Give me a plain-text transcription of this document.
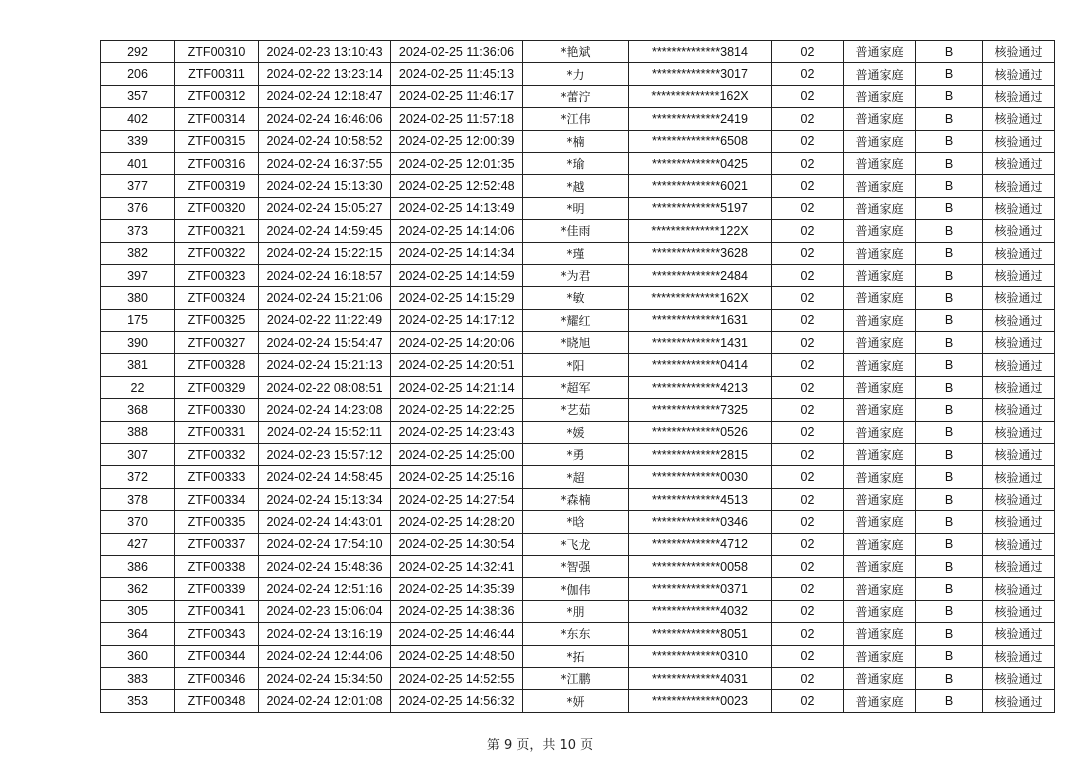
292	ZTF00310	2024-02-23 13:10:43	2024-02-25 11:36:06	*艳斌	**************3814	02	普通家庭	B	核验通过
206	ZTF00311	2024-02-22 13:23:14	2024-02-25 11:45:13	*力	**************3017	02	普通家庭	B	核验通过
357	ZTF00312	2024-02-24 12:18:47	2024-02-25 11:46:17	*蕾泞	**************162X	02	普通家庭	B	核验通过
402	ZTF00314	2024-02-24 16:46:06	2024-02-25 11:57:18	*江伟	**************2419	02	普通家庭	B	核验通过
339	ZTF00315	2024-02-24 10:58:52	2024-02-25 12:00:39	*楠	**************6508	02	普通家庭	B	核验通过
401	ZTF00316	2024-02-24 16:37:55	2024-02-25 12:01:35	*瑜	**************0425	02	普通家庭	B	核验通过
377	ZTF00319	2024-02-24 15:13:30	2024-02-25 12:52:48	*越	**************6021	02	普通家庭	B	核验通过
376	ZTF00320	2024-02-24 15:05:27	2024-02-25 14:13:49	*明	**************5197	02	普通家庭	B	核验通过
373	ZTF00321	2024-02-24 14:59:45	2024-02-25 14:14:06	*佳雨	**************122X	02	普通家庭	B	核验通过
382	ZTF00322	2024-02-24 15:22:15	2024-02-25 14:14:34	*瑾	**************3628	02	普通家庭	B	核验通过
397	ZTF00323	2024-02-24 16:18:57	2024-02-25 14:14:59	*为君	**************2484	02	普通家庭	B	核验通过
380	ZTF00324	2024-02-24 15:21:06	2024-02-25 14:15:29	*敏	**************162X	02	普通家庭	B	核验通过
175	ZTF00325	2024-02-22 11:22:49	2024-02-25 14:17:12	*耀红	**************1631	02	普通家庭	B	核验通过
390	ZTF00327	2024-02-24 15:54:47	2024-02-25 14:20:06	*晓旭	**************1431	02	普通家庭	B	核验通过
381	ZTF00328	2024-02-24 15:21:13	2024-02-25 14:20:51	*阳	**************0414	02	普通家庭	B	核验通过
22	ZTF00329	2024-02-22 08:08:51	2024-02-25 14:21:14	*超军	**************4213	02	普通家庭	B	核验通过
368	ZTF00330	2024-02-24 14:23:08	2024-02-25 14:22:25	*艺茹	**************7325	02	普通家庭	B	核验通过
388	ZTF00331	2024-02-24 15:52:11	2024-02-25 14:23:43	*媛	**************0526	02	普通家庭	B	核验通过
307	ZTF00332	2024-02-23 15:57:12	2024-02-25 14:25:00	*勇	**************2815	02	普通家庭	B	核验通过
372	ZTF00333	2024-02-24 14:58:45	2024-02-25 14:25:16	*超	**************0030	02	普通家庭	B	核验通过
378	ZTF00334	2024-02-24 15:13:34	2024-02-25 14:27:54	*森楠	**************4513	02	普通家庭	B	核验通过
370	ZTF00335	2024-02-24 14:43:01	2024-02-25 14:28:20	*晗	**************0346	02	普通家庭	B	核验通过
427	ZTF00337	2024-02-24 17:54:10	2024-02-25 14:30:54	*飞龙	**************4712	02	普通家庭	B	核验通过
386	ZTF00338	2024-02-24 15:48:36	2024-02-25 14:32:41	*智强	**************0058	02	普通家庭	B	核验通过
362	ZTF00339	2024-02-24 12:51:16	2024-02-25 14:35:39	*伽伟	**************0371	02	普通家庭	B	核验通过
305	ZTF00341	2024-02-23 15:06:04	2024-02-25 14:38:36	*朋	**************4032	02	普通家庭	B	核验通过
364	ZTF00343	2024-02-24 13:16:19	2024-02-25 14:46:44	*东东	**************8051	02	普通家庭	B	核验通过
360	ZTF00344	2024-02-24 12:44:06	2024-02-25 14:48:50	*拓	**************0310	02	普通家庭	B	核验通过
383	ZTF00346	2024-02-24 15:34:50	2024-02-25 14:52:55	*江鹏	**************4031	02	普通家庭	B	核验通过
353	ZTF00348	2024-02-24 12:01:08	2024-02-25 14:56:32	*妍	**************0023	02	普通家庭	B	核验通过
第 9 页，共 10 页
